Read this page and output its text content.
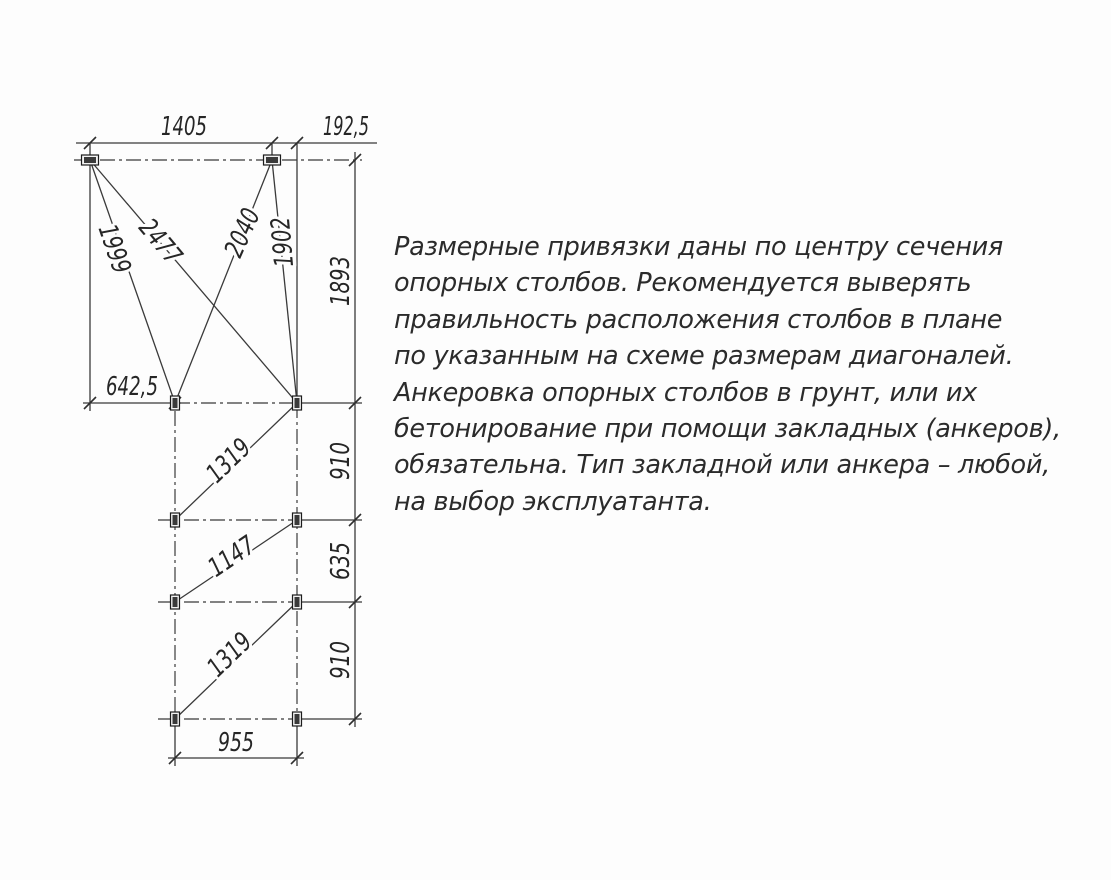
1405	192,5
642,5
955
1999
2477 2040
1902
1893
910
635
910
1319
1147
1319
Размерные привязки даны по центру сечения
опорных столбов. Рекомендуется выверять
правильность расположения столбов в плане
по указанным на схеме размерам диагоналей.
Анкеровка опорных столбов в грунт, или их
бетонирование при помощи закладных (анкеров),
обязательна. Тип закладной или анкера – любой,
на выбор эксплуатанта.
